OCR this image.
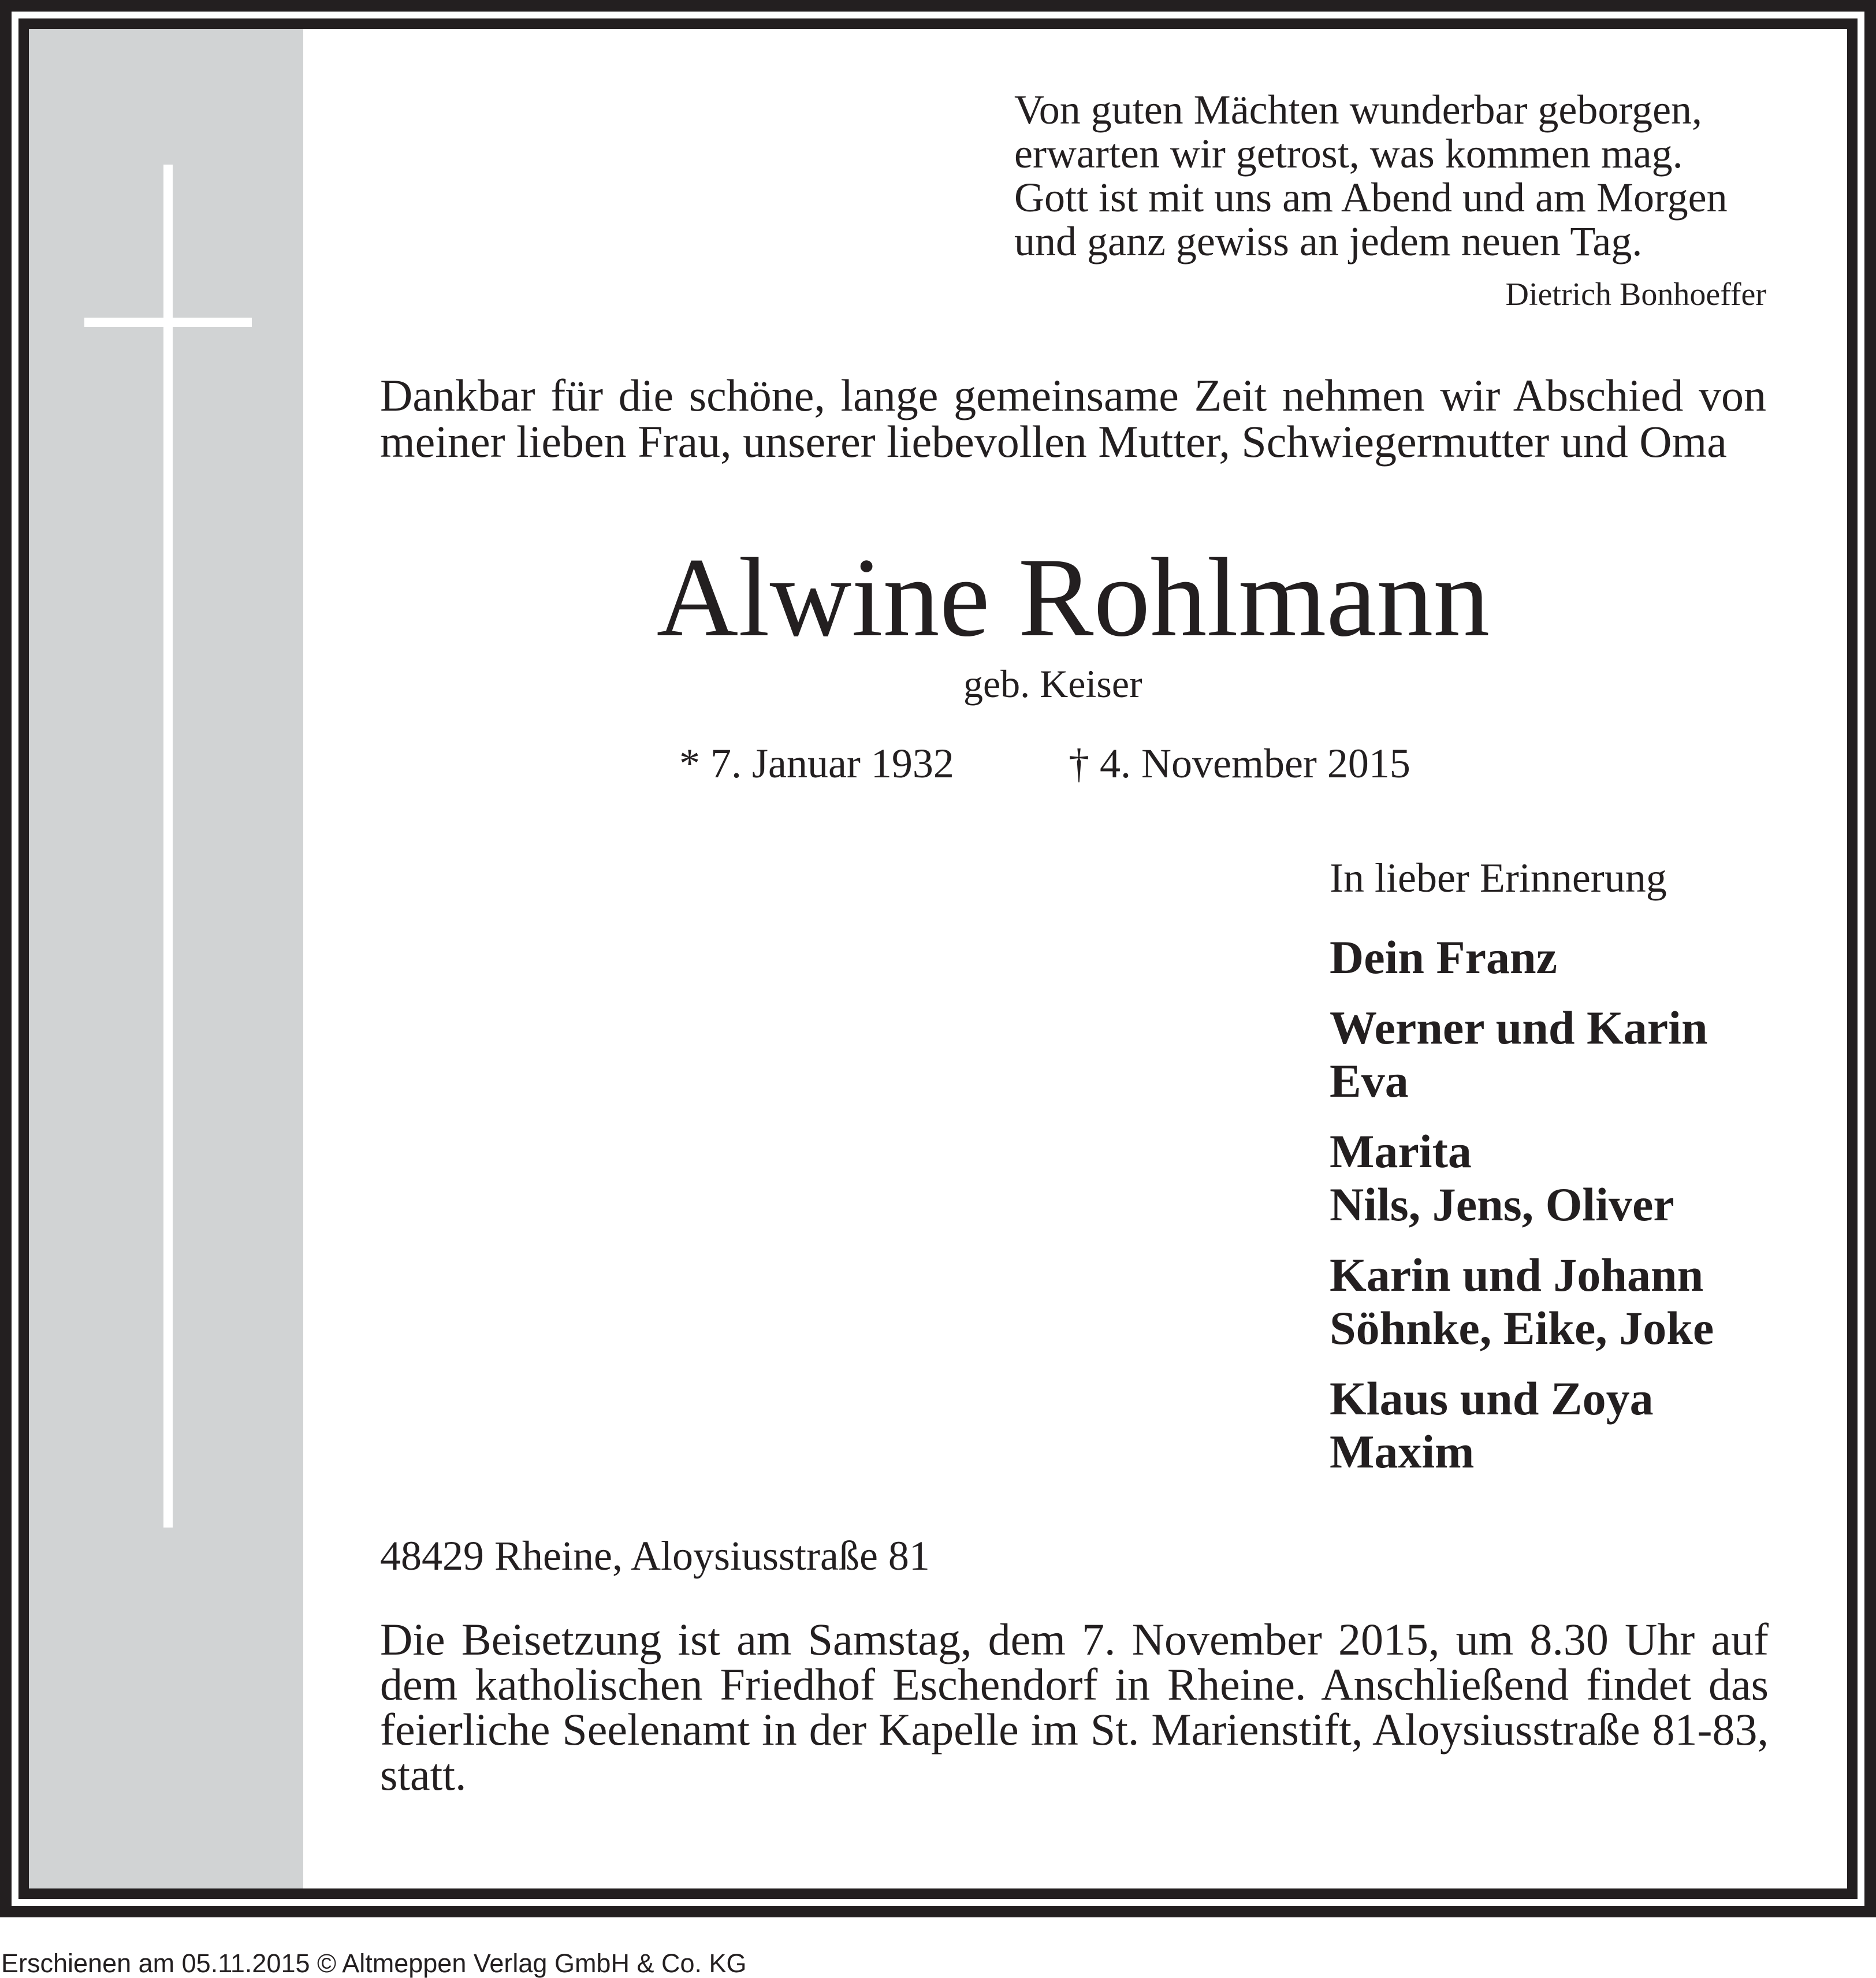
Von guten Mächten wunderbar geborgen,
erwarten wir getrost, was kommen mag.
Gott ist mit uns am Abend und am Morgen
und ganz gewiss an jedem neuen Tag.
Dietrich Bonhoeffer

Dankbar für die schöne, lange gemeinsame Zeit nehmen wir Abschied von meiner lieben Frau, unserer liebevollen Mutter, Schwiegermutter und Oma

Alwine Rohlmann
geb. Keiser
* 7. Januar 1932	† 4. November 2015
In lieber Erinnerung
Dein Franz
Werner und Karin
Eva
Marita
Nils, Jens, Oliver
Karin und Johann
Söhnke, Eike, Joke
Klaus und Zoya
Maxim
48429 Rheine, Aloysiusstraße 81

Die Beisetzung ist am Samstag, dem 7. November 2015, um 8.30 Uhr auf dem katholischen Friedhof Eschendorf in Rheine. Anschließend findet das feierliche Seelenamt in der Kapelle im St. Marienstift, Aloysiusstraße 81-83, statt.

Erschienen am 05.11.2015 © Altmeppen Verlag GmbH & Co. KG
